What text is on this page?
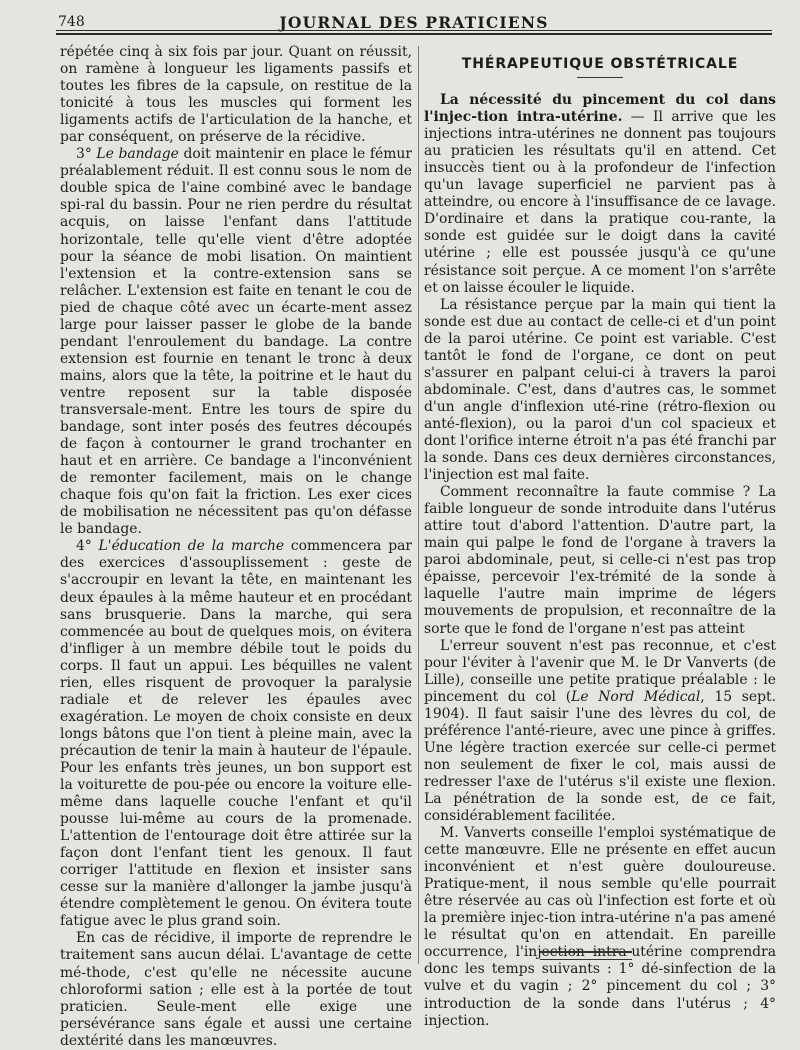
748	JOURNAL DES PRATICIENS

répétée cinq à six fois par jour. Quant on réussit, on ramène à longueur les ligaments passifs et toutes les fibres de la capsule, on restitue de la tonicité à tous les muscles qui forment les ligaments actifs de l'articulation de la hanche, et par conséquent, on préserve de la récidive.

3° Le bandage doit maintenir en place le fémur préalablement réduit. Il est connu sous le nom de double spica de l'aine combiné avec le bandage spi-ral du bassin. Pour ne rien perdre du résultat acquis, on laisse l'enfant dans l'attitude horizontale, telle qu'elle vient d'être adoptée pour la séance de mobi lisation. On maintient l'extension et la contre-extension sans se relâcher. L'extension est faite en tenant le cou de pied de chaque côté avec un écarte-ment assez large pour laisser passer le globe de la bande pendant l'enroulement du bandage. La contre extension est fournie en tenant le tronc à deux mains, alors que la tête, la poitrine et le haut du ventre reposent sur la table disposée transversale-ment. Entre les tours de spire du bandage, sont inter posés des feutres découpés de façon à contourner le grand trochanter en haut et en arrière. Ce bandage a l'inconvénient de remonter facilement, mais on le change chaque fois qu'on fait la friction. Les exer cices de mobilisation ne nécessitent pas qu'on défasse le bandage.

4° L'éducation de la marche commencera par des exercices d'assouplissement : geste de s'accroupir en levant la tête, en maintenant les deux épaules à la même hauteur et en procédant sans brusquerie. Dans la marche, qui sera commencée au bout de quelques mois, on évitera d'infliger à un membre débile tout le poids du corps. Il faut un appui. Les béquilles ne valent rien, elles risquent de provoquer la paralysie radiale et de relever les épaules avec exagération. Le moyen de choix consiste en deux longs bâtons que l'on tient à pleine main, avec la précaution de tenir la main à hauteur de l'épaule. Pour les enfants très jeunes, un bon support est la voiturette de pou-pée ou encore la voiture elle-même dans laquelle couche l'enfant et qu'il pousse lui-même au cours de la promenade. L'attention de l'entourage doit être attirée sur la façon dont l'enfant tient les genoux. Il faut corriger l'attitude en flexion et insister sans cesse sur la manière d'allonger la jambe jusqu'à étendre complètement le genou. On évitera toute fatigue avec le plus grand soin.

En cas de récidive, il importe de reprendre le traitement sans aucun délai. L'avantage de cette mé-thode, c'est qu'elle ne nécessite aucune chloroformi sation ; elle est à la portée de tout praticien. Seule-ment elle exige une persévérance sans égale et aussi une certaine dextérité dans les manœuvres.

THÉRAPEUTIQUE OBSTÉTRICALE

La nécessité du pincement du col dans l'injec-tion intra-utérine. — Il arrive que les injections intra-utérines ne donnent pas toujours au praticien les résultats qu'il en attend. Cet insuccès tient ou à la profondeur de l'infection qu'un lavage superficiel ne parvient pas à atteindre, ou encore à l'insuffisance de ce lavage. D'ordinaire et dans la pratique cou-rante, la sonde est guidée sur le doigt dans la cavité utérine ; elle est poussée jusqu'à ce qu'une résistance soit perçue. A ce moment l'on s'arrête et on laisse écouler le liquide.

La résistance perçue par la main qui tient la sonde est due au contact de celle-ci et d'un point de la paroi utérine. Ce point est variable. C'est tantôt le fond de l'organe, ce dont on peut s'assurer en palpant celui-ci à travers la paroi abdominale. C'est, dans d'autres cas, le sommet d'un angle d'inflexion uté-rine (rétro-flexion ou anté-flexion), ou la paroi d'un col spacieux et dont l'orifice interne étroit n'a pas été franchi par la sonde. Dans ces deux dernières circonstances, l'injection est mal faite.

Comment reconnaître la faute commise ? La faible longueur de sonde introduite dans l'utérus attire tout d'abord l'attention. D'autre part, la main qui palpe le fond de l'organe à travers la paroi abdominale, peut, si celle-ci n'est pas trop épaisse, percevoir l'ex-trémité de la sonde à laquelle l'autre main imprime de légers mouvements de propulsion, et reconnaître de la sorte que le fond de l'organe n'est pas atteint

L'erreur souvent n'est pas reconnue, et c'est pour l'éviter à l'avenir que M. le Dr Vanverts (de Lille), conseille une petite pratique préalable : le pincement du col (Le Nord Médical, 15 sept. 1904). Il faut saisir l'une des lèvres du col, de préférence l'anté-rieure, avec une pince à griffes. Une légère traction exercée sur celle-ci permet non seulement de fixer le col, mais aussi de redresser l'axe de l'utérus s'il existe une flexion. La pénétration de la sonde est, de ce fait, considérablement facilitée.

M. Vanverts conseille l'emploi systématique de cette manœuvre. Elle ne présente en effet aucun inconvénient et n'est guère douloureuse. Pratique-ment, il nous semble qu'elle pourrait être réservée au cas où l'infection est forte et où la première injec-tion intra-utérine n'a pas amené le résultat qu'on en attendait. En pareille occurrence, l'injection intra-utérine comprendra donc les temps suivants : 1° dé-sinfection de la vulve et du vagin ; 2° pincement du col ; 3° introduction de la sonde dans l'utérus ; 4° injection.
